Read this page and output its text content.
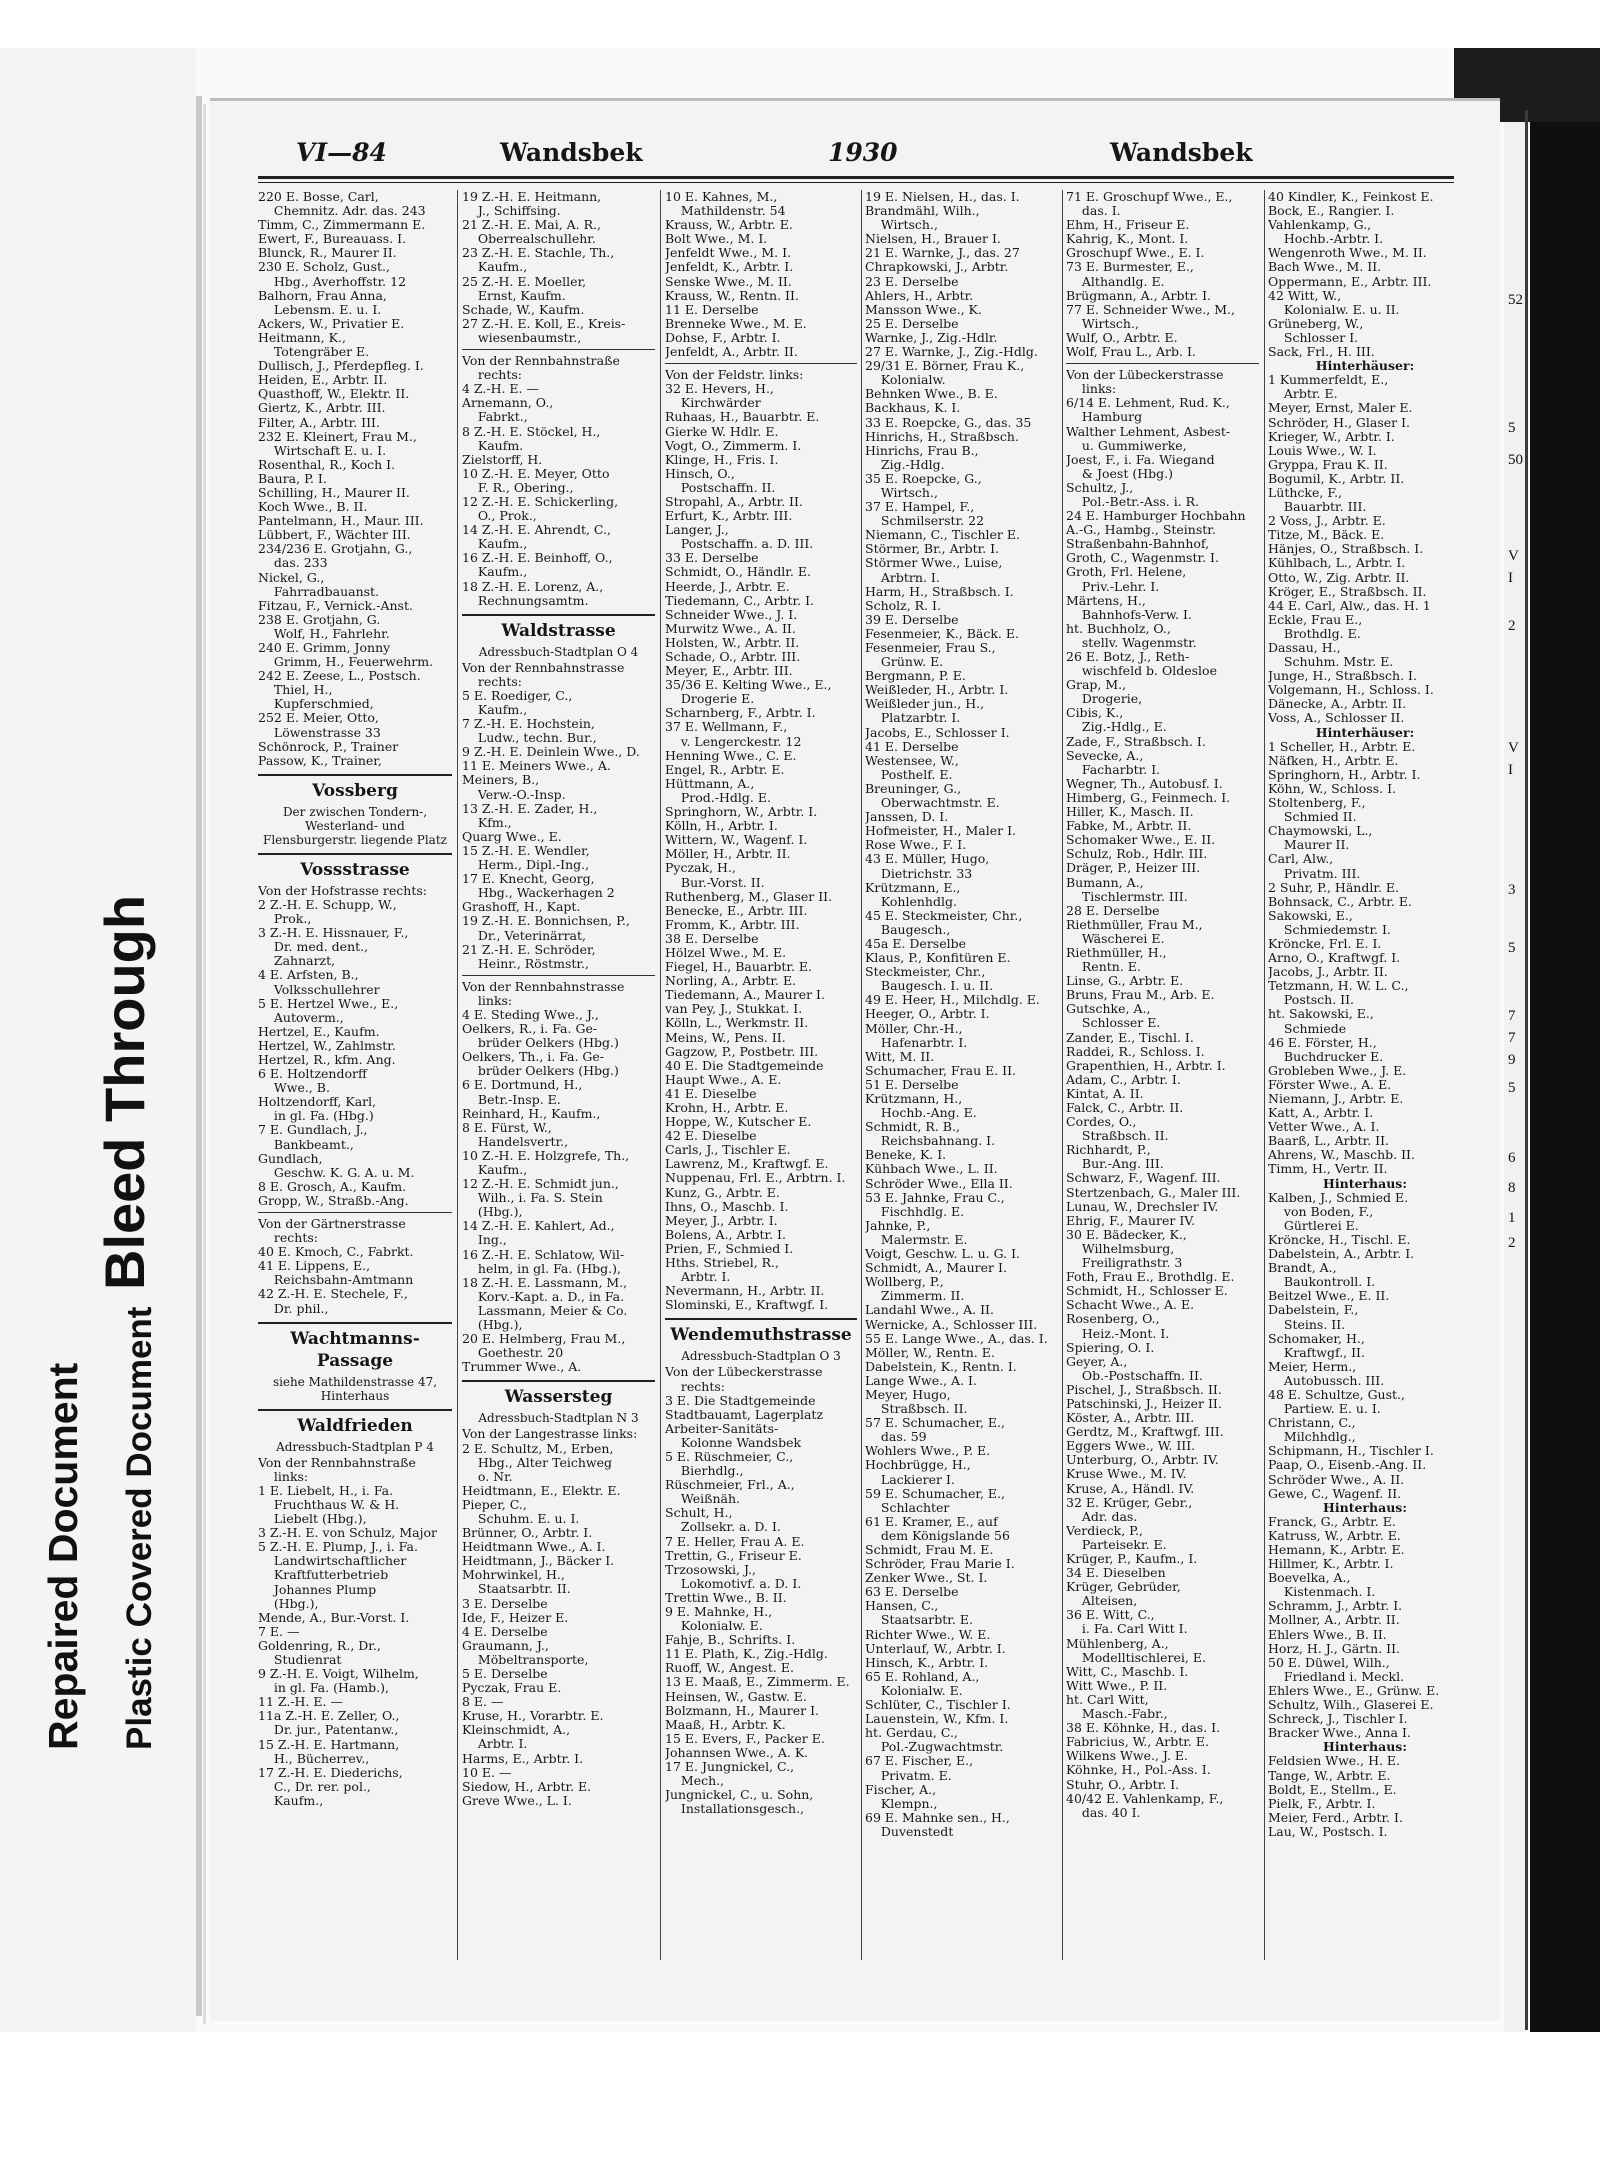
Bleed Through
Repaired Document Plastic Covered Document
52
5
50
V
I
2
V
I
3
5
7
7
9
5
6
8
1
2
VI—84	Wandsbek	1930	Wandsbek
220 E. Bosse, Carl,
Chemnitz. Adr. das. 243
Timm, C., Zimmermann E.
Ewert, F., Bureauass. I.
Blunck, R., Maurer II.
230 E. Scholz, Gust.,
Hbg., Averhoffstr. 12
Balhorn, Frau Anna,
Lebensm. E. u. I.
Ackers, W., Privatier E.
Heitmann, K.,
Totengräber E.
Dullisch, J., Pferdepfleg. I.
Heiden, E., Arbtr. II.
Quasthoff, W., Elektr. II.
Giertz, K., Arbtr. III.
Filter, A., Arbtr. III.
232 E. Kleinert, Frau M.,
Wirtschaft E. u. I.
Rosenthal, R., Koch I.
Baura, P. I.
Schilling, H., Maurer II.
Koch Wwe., B. II.
Pantelmann, H., Maur. III.
Lübbert, F., Wächter III.
234/236 E. Grotjahn, G.,
das. 233
Nickel, G.,
Fahrradbauanst.
Fitzau, F., Vernick.-Anst.
238 E. Grotjahn, G.
Wolf, H., Fahrlehr.
240 E. Grimm, Jonny
Grimm, H., Feuerwehrm.
242 E. Zeese, L., Postsch.
Thiel, H.,
Kupferschmied,
252 E. Meier, Otto,
Löwenstrasse 33
Schönrock, P., Trainer
Passow, K., Trainer,
Vossberg
Der zwischen Tondern-, Westerland- und Flensburgerstr. liegende Platz
Vossstrasse
Von der Hofstrasse rechts:
2 Z.-H. E. Schupp, W.,
Prok.,
3 Z.-H. E. Hissnauer, F.,
Dr. med. dent.,
Zahnarzt,
4 E. Arfsten, B.,
Volksschullehrer
5 E. Hertzel Wwe., E.,
Autoverm.,
Hertzel, E., Kaufm.
Hertzel, W., Zahlmstr.
Hertzel, R., kfm. Ang.
6 E. Holtzendorff
Wwe., B.
Holtzendorff, Karl,
in gl. Fa. (Hbg.)
7 E. Gundlach, J.,
Bankbeamt.,
Gundlach,
Geschw. K. G. A. u. M.
8 E. Grosch, A., Kaufm.
Gropp, W., Straßb.-Ang.
Von der Gärtnerstrasse
rechts:
40 E. Kmoch, C., Fabrkt.
41 E. Lippens, E.,
Reichsbahn-Amtmann
42 Z.-H. E. Stechele, F.,
Dr. phil.,
Wachtmanns-Passage
siehe Mathildenstrasse 47, Hinterhaus
Waldfrieden
Adressbuch-Stadtplan P 4
Von der Rennbahnstraße
links:
1 E. Liebelt, H., i. Fa.
Fruchthaus W. & H.
Liebelt (Hbg.),
3 Z.-H. E. von Schulz, Major
5 Z.-H. E. Plump, J., i. Fa.
Landwirtschaftlicher
Kraftfutterbetrieb
Johannes Plump
(Hbg.),
Mende, A., Bur.-Vorst. I.
7 E. —
Goldenring, R., Dr.,
Studienrat
9 Z.-H. E. Voigt, Wilhelm,
in gl. Fa. (Hamb.),
11 Z.-H. E. —
11a Z.-H. E. Zeller, O.,
Dr. jur., Patentanw.,
15 Z.-H. E. Hartmann,
H., Bücherrev.,
17 Z.-H. E. Diederichs,
C., Dr. rer. pol.,
Kaufm.,
19 Z.-H. E. Heitmann,
J., Schiffsing.
21 Z.-H. E. Mai, A. R.,
Oberrealschullehr.
23 Z.-H. E. Stachle, Th.,
Kaufm.,
25 Z.-H. E. Moeller,
Ernst, Kaufm.
Schade, W., Kaufm.
27 Z.-H. E. Koll, E., Kreis-
wiesenbaumstr.,
Von der Rennbahnstraße
rechts:
4 Z.-H. E. —
Arnemann, O.,
Fabrkt.,
8 Z.-H. E. Stöckel, H.,
Kaufm.
Zielstorff, H.
10 Z.-H. E. Meyer, Otto
F. R., Obering.,
12 Z.-H. E. Schickerling,
O., Prok.,
14 Z.-H. E. Ahrendt, C.,
Kaufm.,
16 Z.-H. E. Beinhoff, O.,
Kaufm.,
18 Z.-H. E. Lorenz, A.,
Rechnungsamtm.
Waldstrasse
Adressbuch-Stadtplan O 4
Von der Rennbahnstrasse
rechts:
5 E. Roediger, C.,
Kaufm.,
7 Z.-H. E. Hochstein,
Ludw., techn. Bur.,
9 Z.-H. E. Deinlein Wwe., D.
11 E. Meiners Wwe., A.
Meiners, B.,
Verw.-O.-Insp.
13 Z.-H. E. Zader, H.,
Kfm.,
Quarg Wwe., E.
15 Z.-H. E. Wendler,
Herm., Dipl.-Ing.,
17 E. Knecht, Georg,
Hbg., Wackerhagen 2
Grashoff, H., Kapt.
19 Z.-H. E. Bonnichsen, P.,
Dr., Veterinärrat,
21 Z.-H. E. Schröder,
Heinr., Röstmstr.,
Von der Rennbahnstrasse
links:
4 E. Steding Wwe., J.,
Oelkers, R., i. Fa. Ge-
brüder Oelkers (Hbg.)
Oelkers, Th., i. Fa. Ge-
brüder Oelkers (Hbg.)
6 E. Dortmund, H.,
Betr.-Insp. E.
Reinhard, H., Kaufm.,
8 E. Fürst, W.,
Handelsvertr.,
10 Z.-H. E. Holzgrefe, Th.,
Kaufm.,
12 Z.-H. E. Schmidt jun.,
Wilh., i. Fa. S. Stein
(Hbg.),
14 Z.-H. E. Kahlert, Ad.,
Ing.,
16 Z.-H. E. Schlatow, Wil-
helm, in gl. Fa. (Hbg.),
18 Z.-H. E. Lassmann, M.,
Korv.-Kapt. a. D., in Fa.
Lassmann, Meier & Co.
(Hbg.),
20 E. Helmberg, Frau M.,
Goethestr. 20
Trummer Wwe., A.
Wassersteg
Adressbuch-Stadtplan N 3
Von der Langestrasse links:
2 E. Schultz, M., Erben,
Hbg., Alter Teichweg
o. Nr.
Heidtmann, E., Elektr. E.
Pieper, C.,
Schuhm. E. u. I.
Brünner, O., Arbtr. I.
Heidtmann Wwe., A. I.
Heidtmann, J., Bäcker I.
Mohrwinkel, H.,
Staatsarbtr. II.
3 E. Derselbe
Ide, F., Heizer E.
4 E. Derselbe
Graumann, J.,
Möbeltransporte,
5 E. Derselbe
Pyczak, Frau E.
8 E. —
Kruse, H., Vorarbtr. E.
Kleinschmidt, A.,
Arbtr. I.
Harms, E., Arbtr. I.
10 E. —
Siedow, H., Arbtr. E.
Greve Wwe., L. I.
10 E. Kahnes, M.,
Mathildenstr. 54
Krauss, W., Arbtr. E.
Bolt Wwe., M. I.
Jenfeldt Wwe., M. I.
Jenfeldt, K., Arbtr. I.
Senske Wwe., M. II.
Krauss, W., Rentn. II.
11 E. Derselbe
Brenneke Wwe., M. E.
Dohse, F., Arbtr. I.
Jenfeldt, A., Arbtr. II.
Von der Feldstr. links:
32 E. Hevers, H.,
Kirchwärder
Ruhaas, H., Bauarbtr. E.
Gierke W. Hdlr. E.
Vogt, O., Zimmerm. I.
Klinge, H., Fris. I.
Hinsch, O.,
Postschaffn. II.
Stropahl, A., Arbtr. II.
Erfurt, K., Arbtr. III.
Langer, J.,
Postschaffn. a. D. III.
33 E. Derselbe
Schmidt, O., Händlr. E.
Heerde, J., Arbtr. E.
Tiedemann, C., Arbtr. I.
Schneider Wwe., J. I.
Murwitz Wwe., A. II.
Holsten, W., Arbtr. II.
Schade, O., Arbtr. III.
Meyer, E., Arbtr. III.
35/36 E. Kelting Wwe., E.,
Drogerie E.
Scharnberg, F., Arbtr. I.
37 E. Wellmann, F.,
v. Lengerckestr. 12
Henning Wwe., C. E.
Engel, R., Arbtr. E.
Hüttmann, A.,
Prod.-Hdlg. E.
Springhorn, W., Arbtr. I.
Kölln, H., Arbtr. I.
Wittern, W., Wagenf. I.
Möller, H., Arbtr. II.
Pyczak, H.,
Bur.-Vorst. II.
Ruthenberg, M., Glaser II.
Benecke, E., Arbtr. III.
Fromm, K., Arbtr. III.
38 E. Derselbe
Hölzel Wwe., M. E.
Fiegel, H., Bauarbtr. E.
Norling, A., Arbtr. E.
Tiedemann, A., Maurer I.
van Pey, J., Stukkat. I.
Kölln, L., Werkmstr. II.
Meins, W., Pens. II.
Gagzow, P., Postbetr. III.
40 E. Die Stadtgemeinde
Haupt Wwe., A. E.
41 E. Dieselbe
Krohn, H., Arbtr. E.
Hoppe, W., Kutscher E.
42 E. Dieselbe
Carls, J., Tischler E.
Lawrenz, M., Kraftwgf. E.
Nuppenau, Frl. E., Arbtrn. I.
Kunz, G., Arbtr. E.
Ihns, O., Maschb. I.
Meyer, J., Arbtr. I.
Bolens, A., Arbtr. I.
Prien, F., Schmied I.
Hths. Striebel, R.,
Arbtr. I.
Nevermann, H., Arbtr. II.
Slominski, E., Kraftwgf. I.
Wendemuthstrasse
Adressbuch-Stadtplan O 3
Von der Lübeckerstrasse
rechts:
3 E. Die Stadtgemeinde
Stadtbauamt, Lagerplatz
Arbeiter-Sanitäts-
Kolonne Wandsbek
5 E. Rüschmeier, C.,
Bierhdlg.,
Rüschmeier, Frl., A.,
Weißnäh.
Schult, H.,
Zollsekr. a. D. I.
7 E. Heller, Frau A. E.
Trettin, G., Friseur E.
Trzosowski, J.,
Lokomotivf. a. D. I.
Trettin Wwe., B. II.
9 E. Mahnke, H.,
Kolonialw. E.
Fahje, B., Schrifts. I.
11 E. Plath, K., Zig.-Hdlg.
Ruoff, W., Angest. E.
13 E. Maaß, E., Zimmerm. E.
Heinsen, W., Gastw. E.
Bolzmann, H., Maurer I.
Maaß, H., Arbtr. K.
15 E. Evers, F., Packer E.
Johannsen Wwe., A. K.
17 E. Jungnickel, C.,
Mech.,
Jungnickel, C., u. Sohn,
Installationsgesch.,
19 E. Nielsen, H., das. I.
Brandmähl, Wilh.,
Wirtsch.,
Nielsen, H., Brauer I.
21 E. Warnke, J., das. 27
Chrapkowski, J., Arbtr.
23 E. Derselbe
Ahlers, H., Arbtr.
Mansson Wwe., K.
25 E. Derselbe
Warnke, J., Zig.-Hdlr.
27 E. Warnke, J., Zig.-Hdlg.
29/31 E. Börner, Frau K.,
Kolonialw.
Behnken Wwe., B. E.
Backhaus, K. I.
33 E. Roepcke, G., das. 35
Hinrichs, H., Straßbsch.
Hinrichs, Frau B.,
Zig.-Hdlg.
35 E. Roepcke, G.,
Wirtsch.,
37 E. Hampel, F.,
Schmilserstr. 22
Niemann, C., Tischler E.
Störmer, Br., Arbtr. I.
Störmer Wwe., Luise,
Arbtrn. I.
Harm, H., Straßbsch. I.
Scholz, R. I.
39 E. Derselbe
Fesenmeier, K., Bäck. E.
Fesenmeier, Frau S.,
Grünw. E.
Bergmann, P. E.
Weißleder, H., Arbtr. I.
Weißleder jun., H.,
Platzarbtr. I.
Jacobs, E., Schlosser I.
41 E. Derselbe
Westensee, W.,
Posthelf. E.
Breuninger, G.,
Oberwachtmstr. E.
Janssen, D. I.
Hofmeister, H., Maler I.
Rose Wwe., F. I.
43 E. Müller, Hugo,
Dietrichstr. 33
Krützmann, E.,
Kohlenhdlg.
45 E. Steckmeister, Chr.,
Baugesch.,
45a E. Derselbe
Klaus, P., Konfitüren E.
Steckmeister, Chr.,
Baugesch. I. u. II.
49 E. Heer, H., Milchdlg. E.
Heeger, O., Arbtr. I.
Möller, Chr.-H.,
Hafenarbtr. I.
Witt, M. II.
Schumacher, Frau E. II.
51 E. Derselbe
Krützmann, H.,
Hochb.-Ang. E.
Schmidt, R. B.,
Reichsbahnang. I.
Beneke, K. I.
Kühbach Wwe., L. II.
Schröder Wwe., Ella II.
53 E. Jahnke, Frau C.,
Fischhdlg. E.
Jahnke, P.,
Malermstr. E.
Voigt, Geschw. L. u. G. I.
Schmidt, A., Maurer I.
Wollberg, P.,
Zimmerm. II.
Landahl Wwe., A. II.
Wernicke, A., Schlosser III.
55 E. Lange Wwe., A., das. I.
Möller, W., Rentn. E.
Dabelstein, K., Rentn. I.
Lange Wwe., A. I.
Meyer, Hugo,
Straßbsch. II.
57 E. Schumacher, E.,
das. 59
Wohlers Wwe., P. E.
Hochbrügge, H.,
Lackierer I.
59 E. Schumacher, E.,
Schlachter
61 E. Kramer, E., auf
dem Königslande 56
Schmidt, Frau M. E.
Schröder, Frau Marie I.
Zenker Wwe., St. I.
63 E. Derselbe
Hansen, C.,
Staatsarbtr. E.
Richter Wwe., W. E.
Unterlauf, W., Arbtr. I.
Hinsch, K., Arbtr. I.
65 E. Rohland, A.,
Kolonialw. E.
Schlüter, C., Tischler I.
Lauenstein, W., Kfm. I.
ht. Gerdau, C.,
Pol.-Zugwachtmstr.
67 E. Fischer, E.,
Privatm. E.
Fischer, A.,
Klempn.,
69 E. Mahnke sen., H.,
Duvenstedt
71 E. Groschupf Wwe., E.,
das. I.
Ehm, H., Friseur E.
Kahrig, K., Mont. I.
Groschupf Wwe., E. I.
73 E. Burmester, E.,
Althandlg. E.
Brügmann, A., Arbtr. I.
77 E. Schneider Wwe., M.,
Wirtsch.,
Wulf, O., Arbtr. E.
Wolf, Frau L., Arb. I.
Von der Lübeckerstrasse
links:
6/14 E. Lehment, Rud. K.,
Hamburg
Walther Lehment, Asbest-
u. Gummiwerke,
Joest, F., i. Fa. Wiegand
& Joest (Hbg.)
Schultz, J.,
Pol.-Betr.-Ass. i. R.
24 E. Hamburger Hochbahn
A.-G., Hambg., Steinstr.
Straßenbahn-Bahnhof,
Groth, C., Wagenmstr. I.
Groth, Frl. Helene,
Priv.-Lehr. I.
Märtens, H.,
Bahnhofs-Verw. I.
ht. Buchholz, O.,
stellv. Wagenmstr.
26 E. Botz, J., Reth-
wischfeld b. Oldesloe
Grap, M.,
Drogerie,
Cibis, K.,
Zig.-Hdlg., E.
Zade, F., Straßbsch. I.
Sevecke, A.,
Facharbtr. I.
Wegner, Th., Autobusf. I.
Himberg, G., Feinmech. I.
Hiller, K., Masch. II.
Fabke, M., Arbtr. II.
Schomaker Wwe., E. II.
Schulz, Rob., Hdlr. III.
Dräger, P., Heizer III.
Bumann, A.,
Tischlermstr. III.
28 E. Derselbe
Riethmüller, Frau M.,
Wäscherei E.
Riethmüller, H.,
Rentn. E.
Linse, G., Arbtr. E.
Bruns, Frau M., Arb. E.
Gutschke, A.,
Schlosser E.
Zander, E., Tischl. I.
Raddei, R., Schloss. I.
Grapenthien, H., Arbtr. I.
Adam, C., Arbtr. I.
Kintat, A. II.
Falck, C., Arbtr. II.
Cordes, O.,
Straßbsch. II.
Richhardt, P.,
Bur.-Ang. III.
Schwarz, F., Wagenf. III.
Stertzenbach, G., Maler III.
Lunau, W., Drechsler IV.
Ehrig, F., Maurer IV.
30 E. Bädecker, K.,
Wilhelmsburg,
Freiligrathstr. 3
Foth, Frau E., Brothdlg. E.
Schmidt, H., Schlosser E.
Schacht Wwe., A. E.
Rosenberg, O.,
Heiz.-Mont. I.
Spiering, O. I.
Geyer, A.,
Ob.-Postschaffn. II.
Pischel, J., Straßbsch. II.
Patschinski, J., Heizer II.
Köster, A., Arbtr. III.
Gerdtz, M., Kraftwgf. III.
Eggers Wwe., W. III.
Unterburg, O., Arbtr. IV.
Kruse Wwe., M. IV.
Kruse, A., Händl. IV.
32 E. Krüger, Gebr.,
Adr. das.
Verdieck, P.,
Parteisekr. E.
Krüger, P., Kaufm., I.
34 E. Dieselben
Krüger, Gebrüder,
Alteisen,
36 E. Witt, C.,
i. Fa. Carl Witt I.
Mühlenberg, A.,
Modelltischlerei, E.
Witt, C., Maschb. I.
Witt Wwe., P. II.
ht. Carl Witt,
Masch.-Fabr.,
38 E. Köhnke, H., das. I.
Fabricius, W., Arbtr. E.
Wilkens Wwe., J. E.
Köhnke, H., Pol.-Ass. I.
Stuhr, O., Arbtr. I.
40/42 E. Vahlenkamp, F.,
das. 40 I.
40 Kindler, K., Feinkost E.
Bock, E., Rangier. I.
Vahlenkamp, G.,
Hochb.-Arbtr. I.
Wengenroth Wwe., M. II.
Bach Wwe., M. II.
Oppermann, E., Arbtr. III.
42 Witt, W.,
Kolonialw. E. u. II.
Grüneberg, W.,
Schlosser I.
Sack, Frl., H. III.
Hinterhäuser:
1 Kummerfeldt, E.,
Arbtr. E.
Meyer, Ernst, Maler E.
Schröder, H., Glaser I.
Krieger, W., Arbtr. I.
Louis Wwe., W. I.
Gryppa, Frau K. II.
Bogumil, K., Arbtr. II.
Lüthcke, F.,
Bauarbtr. III.
2 Voss, J., Arbtr. E.
Titze, M., Bäck. E.
Hänjes, O., Straßbsch. I.
Kühlbach, L., Arbtr. I.
Otto, W., Zig. Arbtr. II.
Kröger, E., Straßbsch. II.
44 E. Carl, Alw., das. H. 1
Eckle, Frau E.,
Brothdlg. E.
Dassau, H.,
Schuhm. Mstr. E.
Junge, H., Straßbsch. I.
Volgemann, H., Schloss. I.
Dänecke, A., Arbtr. II.
Voss, A., Schlosser II.
Hinterhäuser:
1 Scheller, H., Arbtr. E.
Näfken, H., Arbtr. E.
Springhorn, H., Arbtr. I.
Köhn, W., Schloss. I.
Stoltenberg, F.,
Schmied II.
Chaymowski, L.,
Maurer II.
Carl, Alw.,
Privatm. III.
2 Suhr, P., Händlr. E.
Bohnsack, C., Arbtr. E.
Sakowski, E.,
Schmiedemstr. I.
Kröncke, Frl. E. I.
Arno, O., Kraftwgf. I.
Jacobs, J., Arbtr. II.
Tetzmann, H. W. L. C.,
Postsch. II.
ht. Sakowski, E.,
Schmiede
46 E. Förster, H.,
Buchdrucker E.
Grobleben Wwe., J. E.
Förster Wwe., A. E.
Niemann, J., Arbtr. E.
Katt, A., Arbtr. I.
Vetter Wwe., A. I.
Baarß, L., Arbtr. II.
Ahrens, W., Maschb. II.
Timm, H., Vertr. II.
Hinterhaus:
Kalben, J., Schmied E.
von Boden, F.,
Gürtlerei E.
Kröncke, H., Tischl. E.
Dabelstein, A., Arbtr. I.
Brandt, A.,
Baukontroll. I.
Beitzel Wwe., E. II.
Dabelstein, F.,
Steins. II.
Schomaker, H.,
Kraftwgf., II.
Meier, Herm.,
Autobussch. III.
48 E. Schultze, Gust.,
Partiew. E. u. I.
Christann, C.,
Milchhdlg.,
Schipmann, H., Tischler I.
Paap, O., Eisenb.-Ang. II.
Schröder Wwe., A. II.
Gewe, C., Wagenf. II.
Hinterhaus:
Franck, G., Arbtr. E.
Katruss, W., Arbtr. E.
Hemann, K., Arbtr. E.
Hillmer, K., Arbtr. I.
Boevelka, A.,
Kistenmach. I.
Schramm, J., Arbtr. I.
Mollner, A., Arbtr. II.
Ehlers Wwe., B. II.
Horz, H. J., Gärtn. II.
50 E. Düwel, Wilh.,
Friedland i. Meckl.
Ehlers Wwe., E., Grünw. E.
Schultz, Wilh., Glaserei E.
Schreck, J., Tischler I.
Bracker Wwe., Anna I.
Hinterhaus:
Feldsien Wwe., H. E.
Tange, W., Arbtr. E.
Boldt, E., Stellm., E.
Pielk, F., Arbtr. I.
Meier, Ferd., Arbtr. I.
Lau, W., Postsch. I.
